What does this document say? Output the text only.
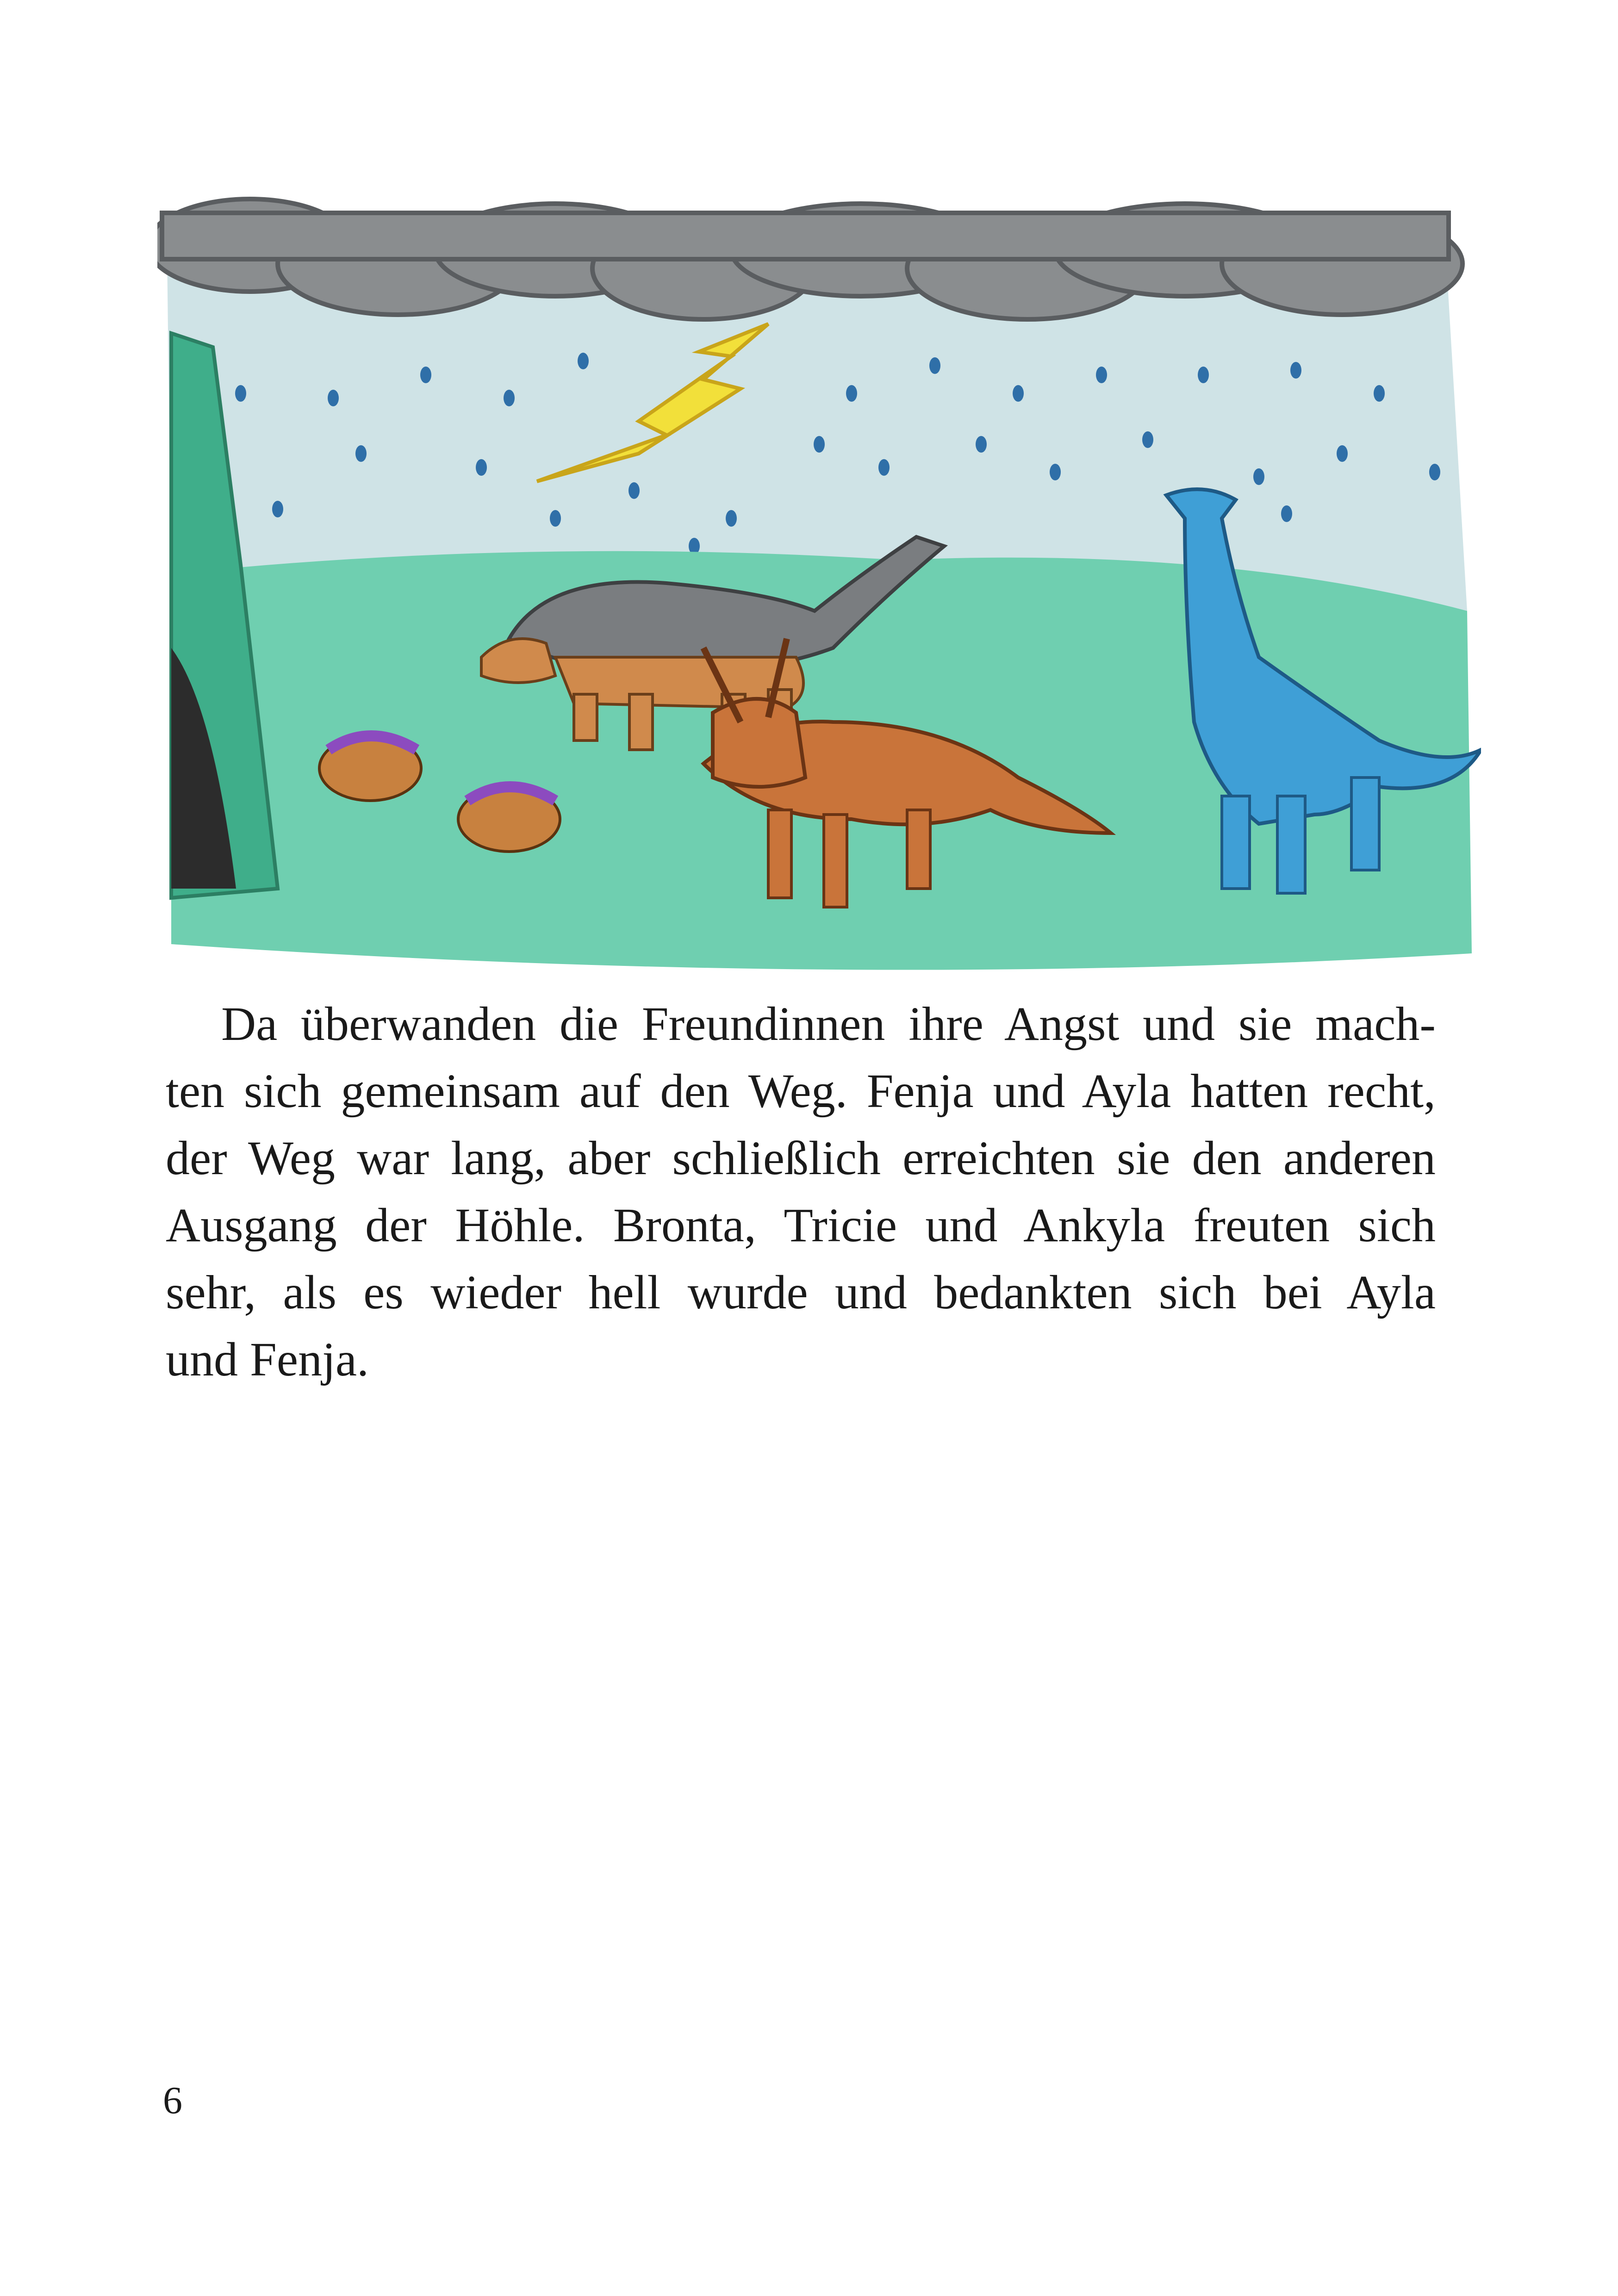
Da überwanden die Freundinnen ihre Angst und sie mach-
ten sich gemeinsam auf den Weg. Fenja und Ayla hatten recht,
der Weg war lang, aber schließlich erreichten sie den anderen
Ausgang der Höhle. Bronta, Tricie und Ankyla freuten sich
sehr, als es wieder hell wurde und bedankten sich bei Ayla
und Fenja.

6
